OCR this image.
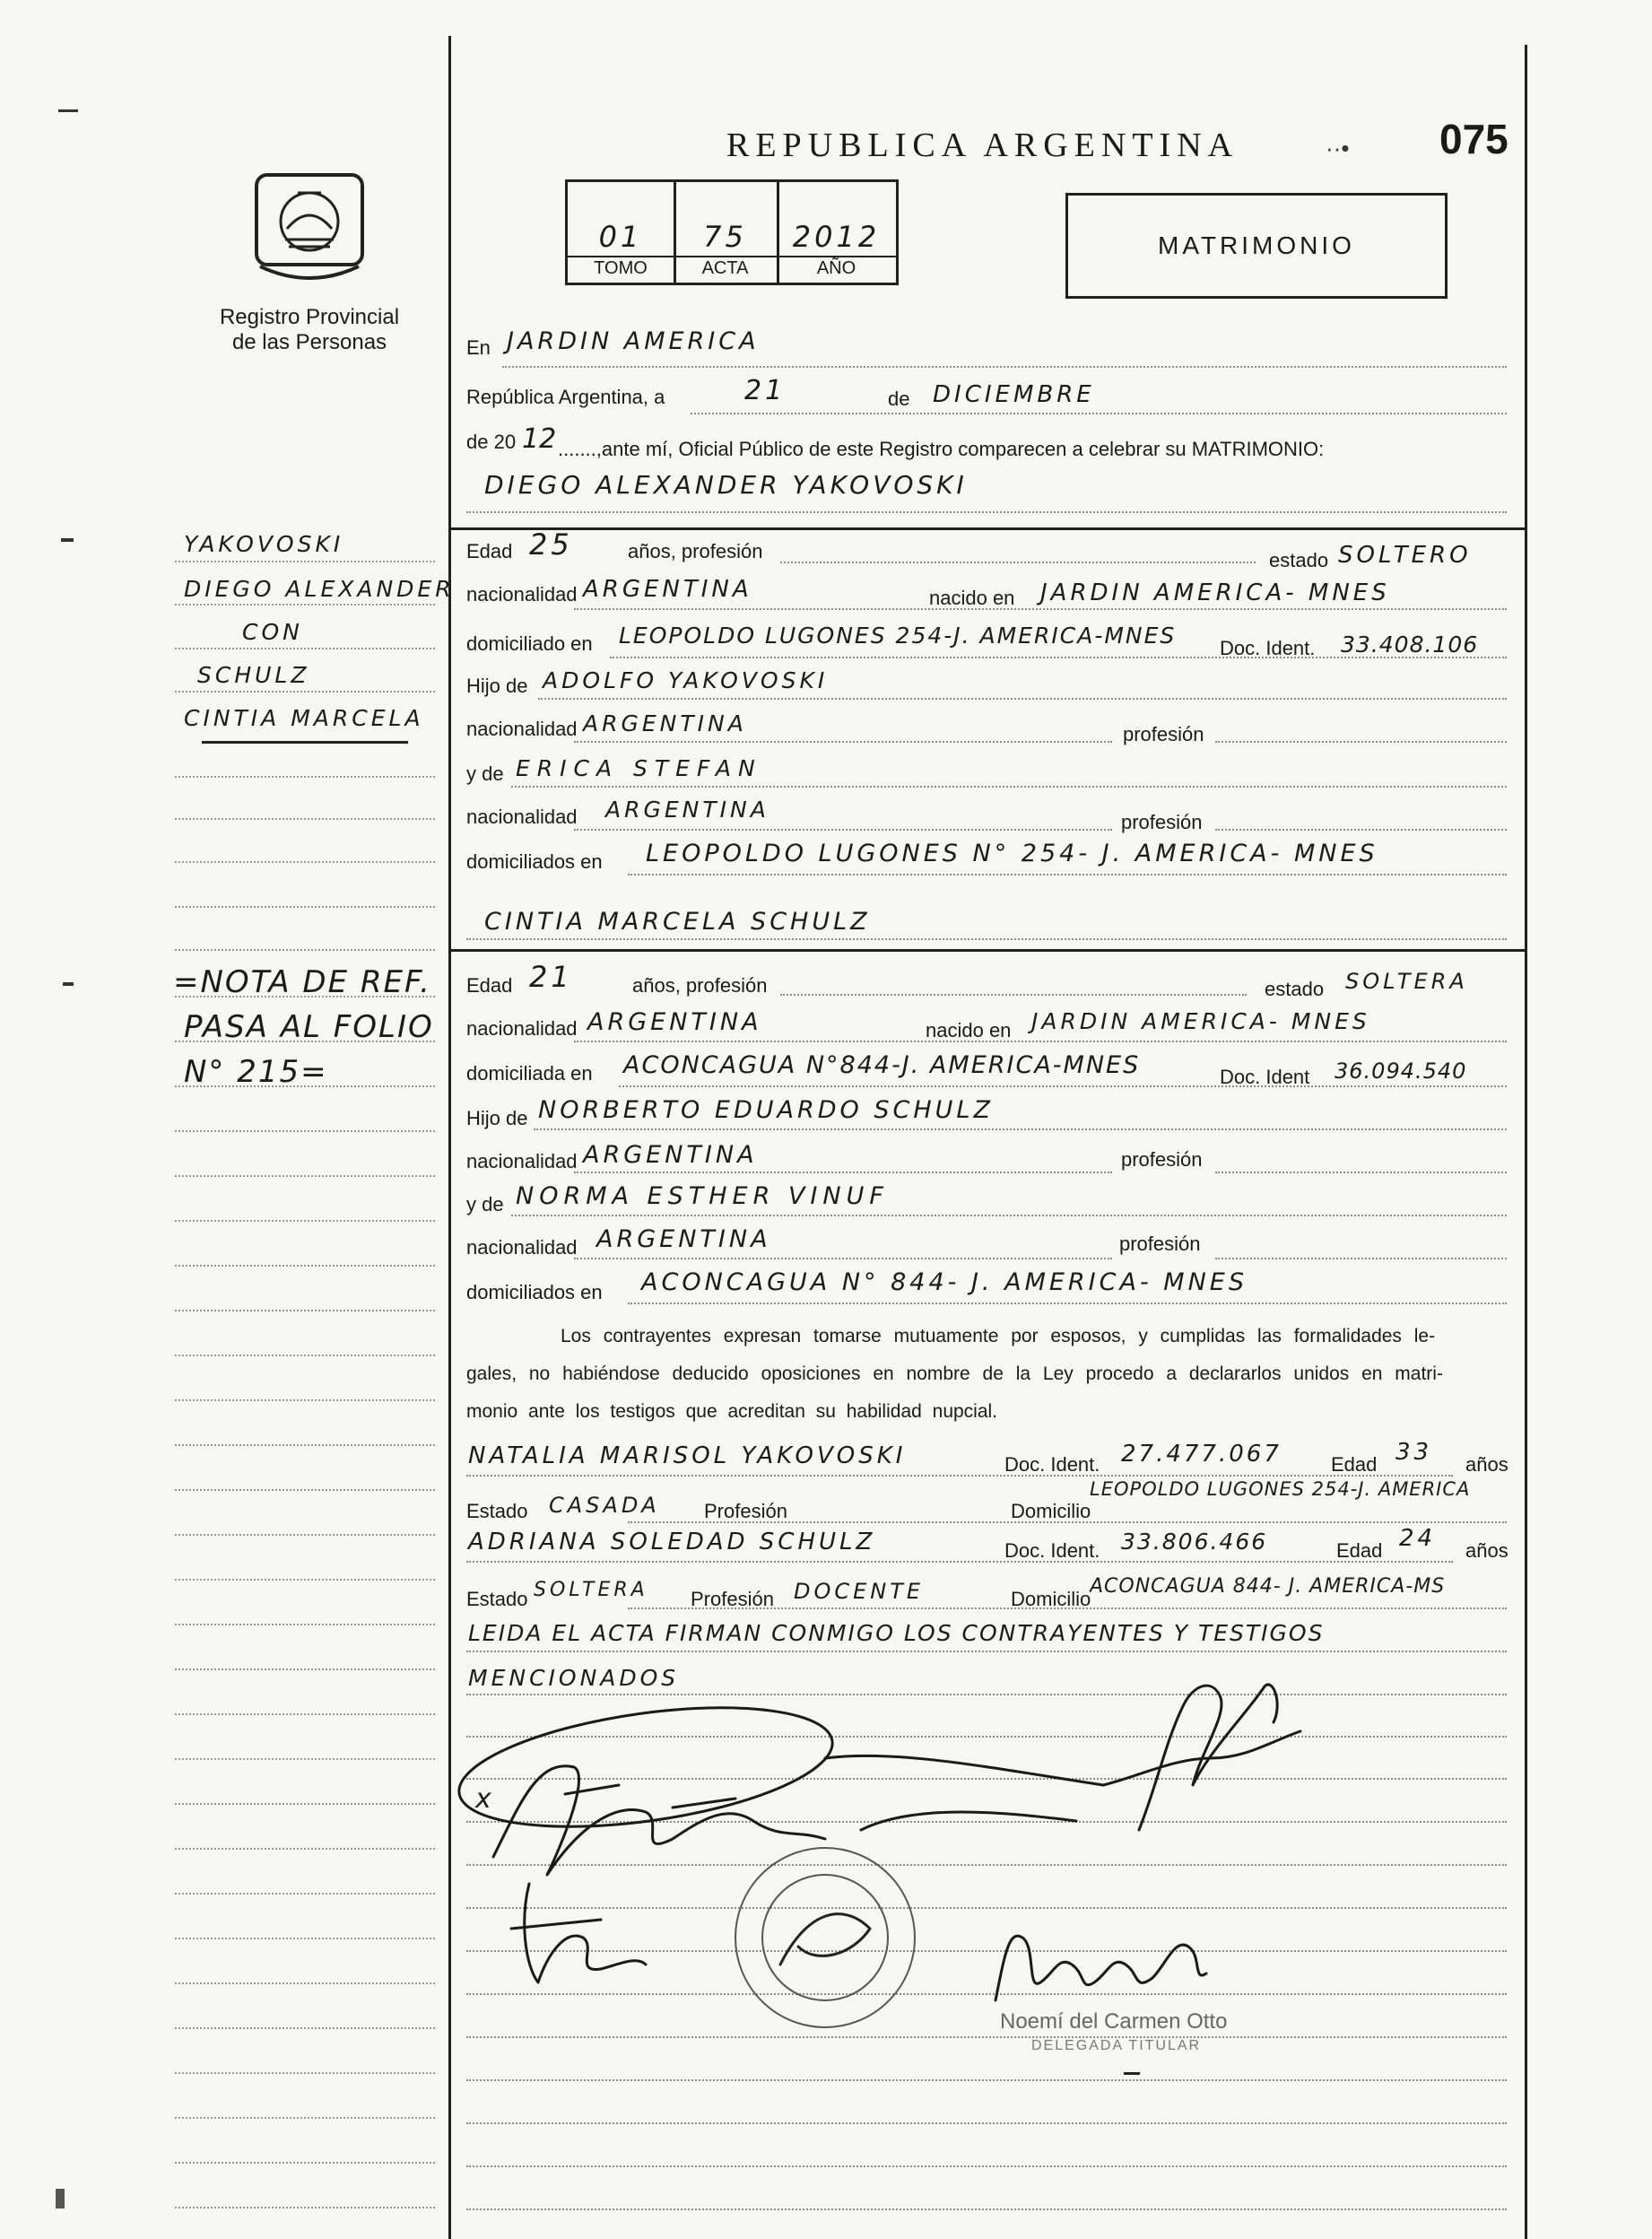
Registro Provincial
de las Personas
REPUBLICA ARGENTINA	075
··•
01	75	2012
TOMO	ACTA	AÑO
MATRIMONIO
YAKOVOSKI
DIEGO ALEXANDER
CON
SCHULZ
CINTIA MARCELA
=NOTA DE REF.
PASA AL FOLIO
N° 215=
En JARDIN AMERICA
República Argentina, a	21	de DICIEMBRE
de 20 12 .......,ante mí, Oficial Público de este Registro comparecen a celebrar su MATRIMONIO:
DIEGO ALEXANDER YAKOVOSKI
Edad 25	años, profesión	estado SOLTERO
nacionalidad ARGENTINA	nacido en JARDIN AMERICA- MNES
domiciliado en LEOPOLDO LUGONES 254-J. AMERICA-MNES Doc. Ident. 33.408.106
Hijo de ADOLFO YAKOVOSKI
nacionalidad ARGENTINA	profesión
y de ERICA STEFAN
nacionalidad ARGENTINA	profesión
domiciliados en LEOPOLDO LUGONES N° 254- J. AMERICA- MNES
CINTIA MARCELA SCHULZ
Edad 21	años, profesión	estado SOLTERA
nacionalidad ARGENTINA	nacido en JARDIN AMERICA- MNES
domiciliada en ACONCAGUA N°844-J. AMERICA-MNES	Doc. Ident 36.094.540
Hijo de NORBERTO EDUARDO SCHULZ
nacionalidad ARGENTINA	profesión
y de NORMA ESTHER VINUF
nacionalidad ARGENTINA	profesión
domiciliados en ACONCAGUA N° 844- J. AMERICA- MNES
Los contrayentes expresan tomarse mutuamente por esposos, y cumplidas las formalidades le-
gales, no habiéndose deducido oposiciones en nombre de la Ley procedo a declararlos unidos en matri-
monio ante los testigos que acreditan su habilidad nupcial.
NATALIA MARISOL YAKOVOSKI	Doc. Ident. 27.477.067	Edad 33 años
Estado CASADA Profesión	Domicilio
LEOPOLDO LUGONES 254-J. AMERICA
ADRIANA SOLEDAD SCHULZ	Doc. Ident. 33.806.466	Edad 24 años
Estado SOLTERA Profesión DOCENTE	Domicilio
ACONCAGUA 844- J. AMERICA-MS
LEIDA EL ACTA FIRMAN CONMIGO LOS CONTRAYENTES Y TESTIGOS
MENCIONADOS
x
Noemí del Carmen Otto
DELEGADA TITULAR
